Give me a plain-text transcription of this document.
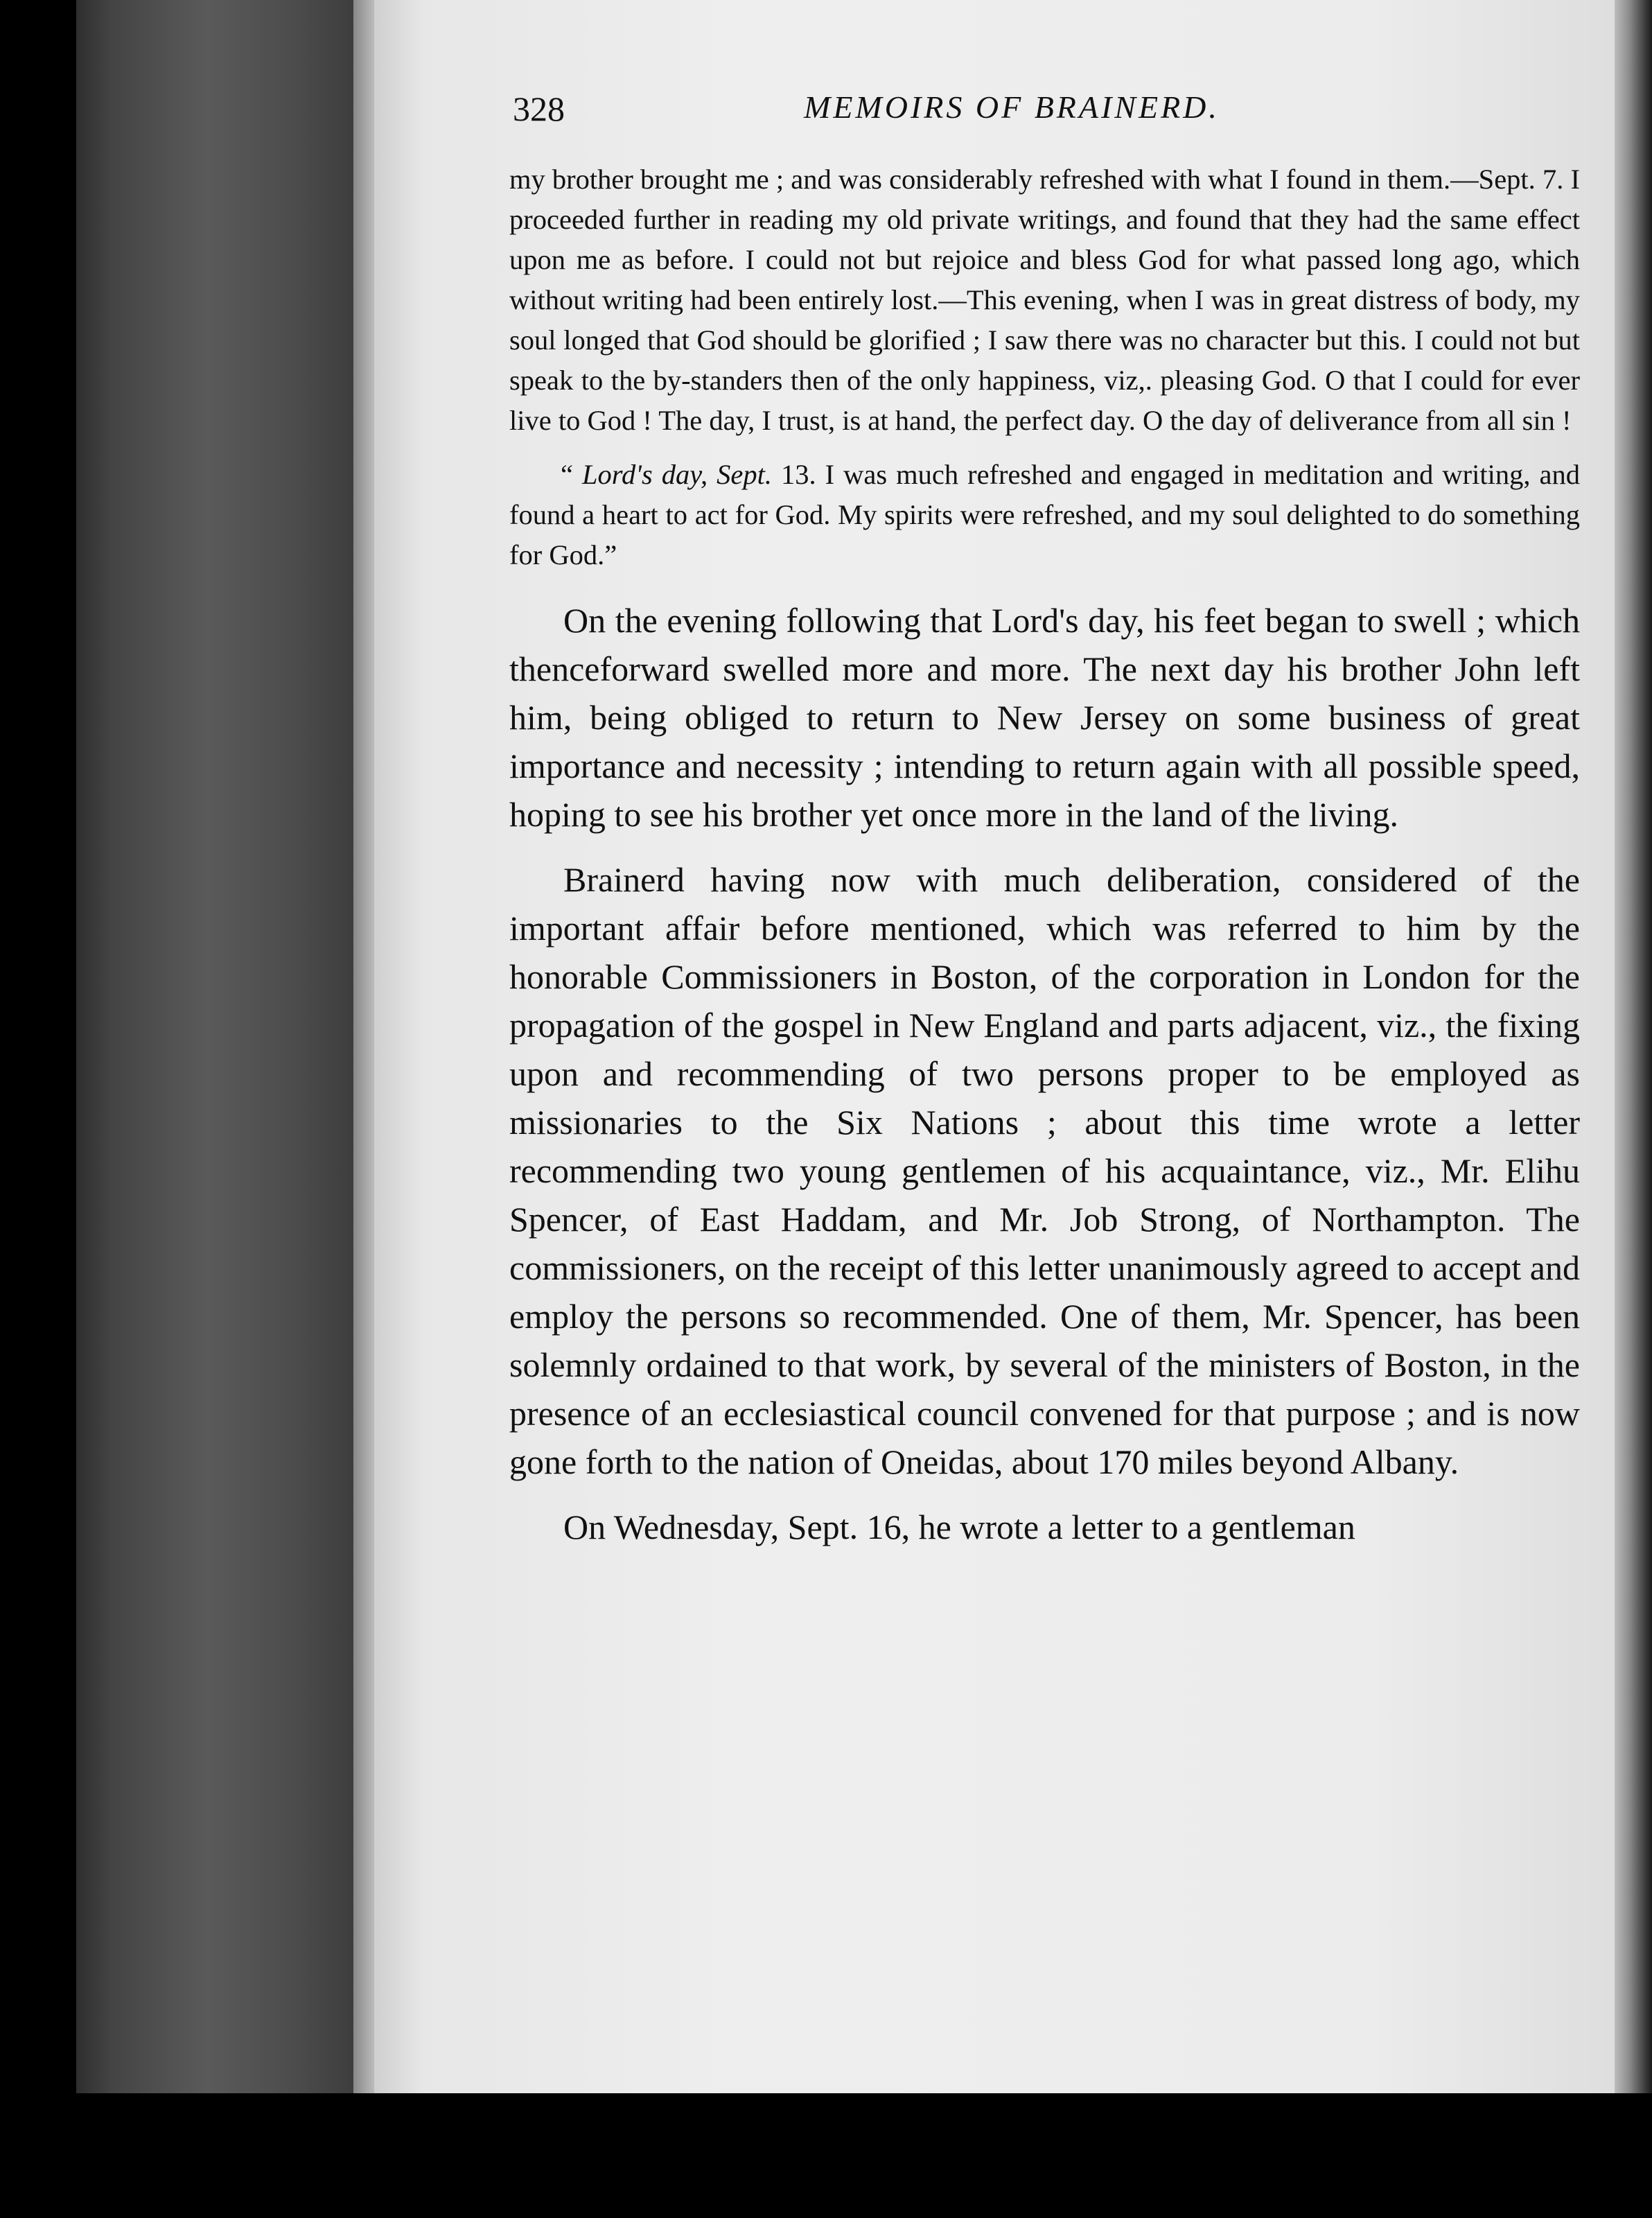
328	MEMOIRS OF BRAINERD.

my brother brought me ; and was considerably refreshed with what I found in them.—Sept. 7. I proceeded further in reading my old private writings, and found that they had the same effect upon me as before. I could not but rejoice and bless God for what passed long ago, which without writing had been entirely lost.—This evening, when I was in great distress of body, my soul longed that God should be glorified ; I saw there was no character but this. I could not but speak to the by-standers then of the only happiness, viz,. pleasing God. O that I could for ever live to God ! The day, I trust, is at hand, the perfect day. O the day of deliverance from all sin !

“ Lord's day, Sept. 13. I was much refreshed and engaged in meditation and writing, and found a heart to act for God. My spirits were refreshed, and my soul delighted to do something for God.”

On the evening following that Lord's day, his feet began to swell ; which thenceforward swelled more and more. The next day his brother John left him, being obliged to return to New Jersey on some business of great importance and necessity ; intending to return again with all possible speed, hoping to see his brother yet once more in the land of the living.

Brainerd having now with much deliberation, considered of the important affair before mentioned, which was referred to him by the honorable Commissioners in Boston, of the corporation in London for the propagation of the gospel in New England and parts adjacent, viz., the fixing upon and recommending of two persons proper to be employed as missionaries to the Six Nations ; about this time wrote a letter recommending two young gentlemen of his acquaintance, viz., Mr. Elihu Spencer, of East Haddam, and Mr. Job Strong, of Northampton. The commissioners, on the receipt of this letter unanimously agreed to accept and employ the persons so recommended. One of them, Mr. Spencer, has been solemnly ordained to that work, by several of the ministers of Boston, in the presence of an ecclesiastical council convened for that purpose ; and is now gone forth to the nation of Oneidas, about 170 miles beyond Albany.

On Wednesday, Sept. 16, he wrote a letter to a gentleman
